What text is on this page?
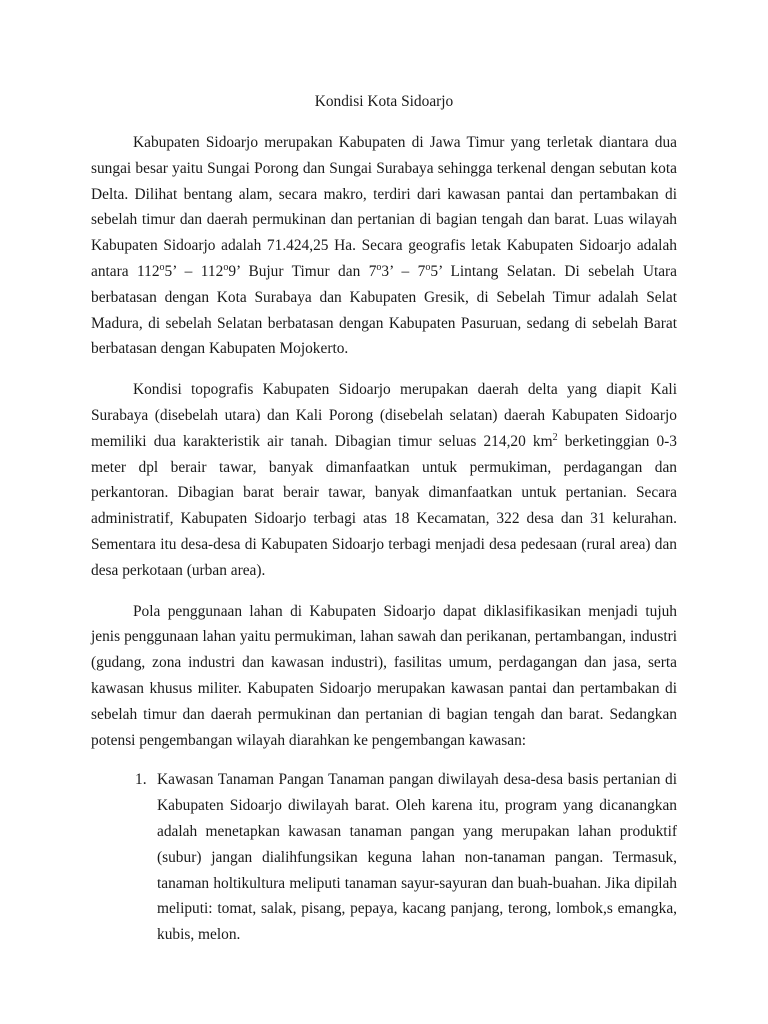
Kondisi Kota Sidoarjo

Kabupaten Sidoarjo merupakan Kabupaten di Jawa Timur yang terletak diantara dua sungai besar yaitu Sungai Porong dan Sungai Surabaya sehingga terkenal dengan sebutan kota Delta. Dilihat bentang alam, secara makro, terdiri dari kawasan pantai dan pertambakan di sebelah timur dan daerah permukinan dan pertanian di bagian tengah dan barat. Luas wilayah Kabupaten Sidoarjo adalah 71.424,25 Ha. Secara geografis letak Kabupaten Sidoarjo adalah antara 112$^o$5’ – 112$^o$9’ Bujur Timur dan 7$^o$3’ – 7$^o$5’ Lintang Selatan. Di sebelah Utara berbatasan dengan Kota Surabaya dan Kabupaten Gresik, di Sebelah Timur adalah Selat Madura, di sebelah Selatan berbatasan dengan Kabupaten Pasuruan, sedang di sebelah Barat berbatasan dengan Kabupaten Mojokerto.

Kondisi topografis Kabupaten Sidoarjo merupakan daerah delta yang diapit Kali Surabaya (disebelah utara) dan Kali Porong (disebelah selatan) daerah Kabupaten Sidoarjo memiliki dua karakteristik air tanah. Dibagian timur seluas 214,20 $km^2$ berketinggian 0-3 meter dpl berair tawar, banyak dimanfaatkan untuk permukiman, perdagangan dan perkantoran. Dibagian barat berair tawar, banyak dimanfaatkan untuk pertanian. Secara administratif, Kabupaten Sidoarjo terbagi atas 18 Kecamatan, 322 desa dan 31 kelurahan. Sementara itu desa-desa di Kabupaten Sidoarjo terbagi menjadi desa pedesaan (rural area) dan desa perkotaan (urban area).

Pola penggunaan lahan di Kabupaten Sidoarjo dapat diklasifikasikan menjadi tujuh jenis penggunaan lahan yaitu permukiman, lahan sawah dan perikanan, pertambangan, industri (gudang, zona industri dan kawasan industri), fasilitas umum, perdagangan dan jasa, serta kawasan khusus militer. Kabupaten Sidoarjo merupakan kawasan pantai dan pertambakan di sebelah timur dan daerah permukinan dan pertanian di bagian tengah dan barat. Sedangkan potensi pengembangan wilayah diarahkan ke pengembangan kawasan:

1. Kawasan Tanaman Pangan Tanaman pangan diwilayah desa-desa basis pertanian di Kabupaten Sidoarjo diwilayah barat. Oleh karena itu, program yang dicanangkan adalah menetapkan kawasan tanaman pangan yang merupakan lahan produktif (subur) jangan dialihfungsikan keguna lahan non-tanaman pangan. Termasuk, tanaman holtikultura meliputi tanaman sayur-sayuran dan buah-buahan. Jika dipilah meliputi: tomat, salak, pisang, pepaya, kacang panjang, terong, lombok,s emangka, kubis, melon.
